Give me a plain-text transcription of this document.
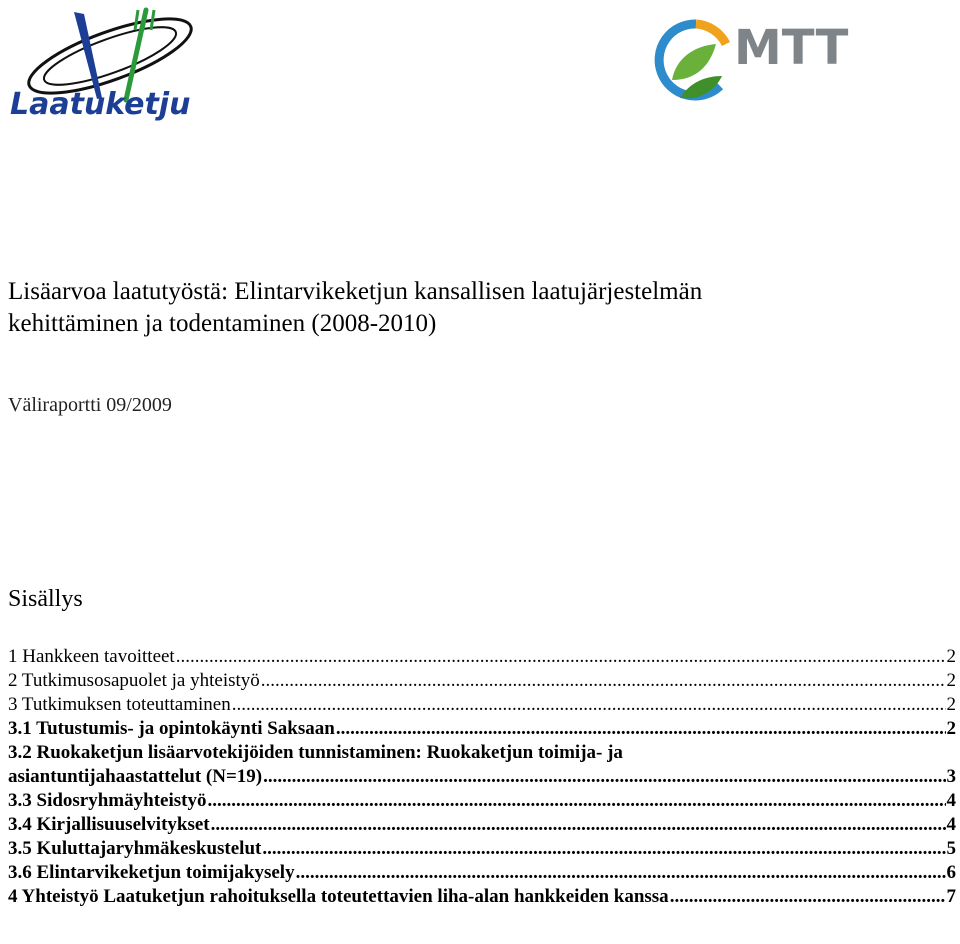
Laatuketju
MTT
Lisäarvoa laatutyöstä: Elintarvikeketjun kansallisen laatujärjestelmän
kehittäminen ja todentaminen (2008-2010)
Väliraportti 09/2009
Sisällys
1 Hankkeen tavoitteet .....	2
2 Tutkimusosapuolet ja yhteistyö .....	2
3 Tutkimuksen toteuttaminen .....	2
3.1 Tutustumis- ja opintokäynti Saksaan .....	2
3.2 Ruokaketjun lisäarvotekijöiden tunnistaminen: Ruokaketjun toimija- ja
asiantuntijahaastattelut (N=19) .....	3
3.3 Sidosryhmäyhteistyö .....	4
3.4 Kirjallisuuselvitykset .....	4
3.5 Kuluttajaryhmäkeskustelut .....	5
3.6 Elintarvikeketjun toimijakysely .....	6
4 Yhteistyö Laatuketjun rahoituksella toteutettavien liha-alan hankkeiden kanssa .....	7
